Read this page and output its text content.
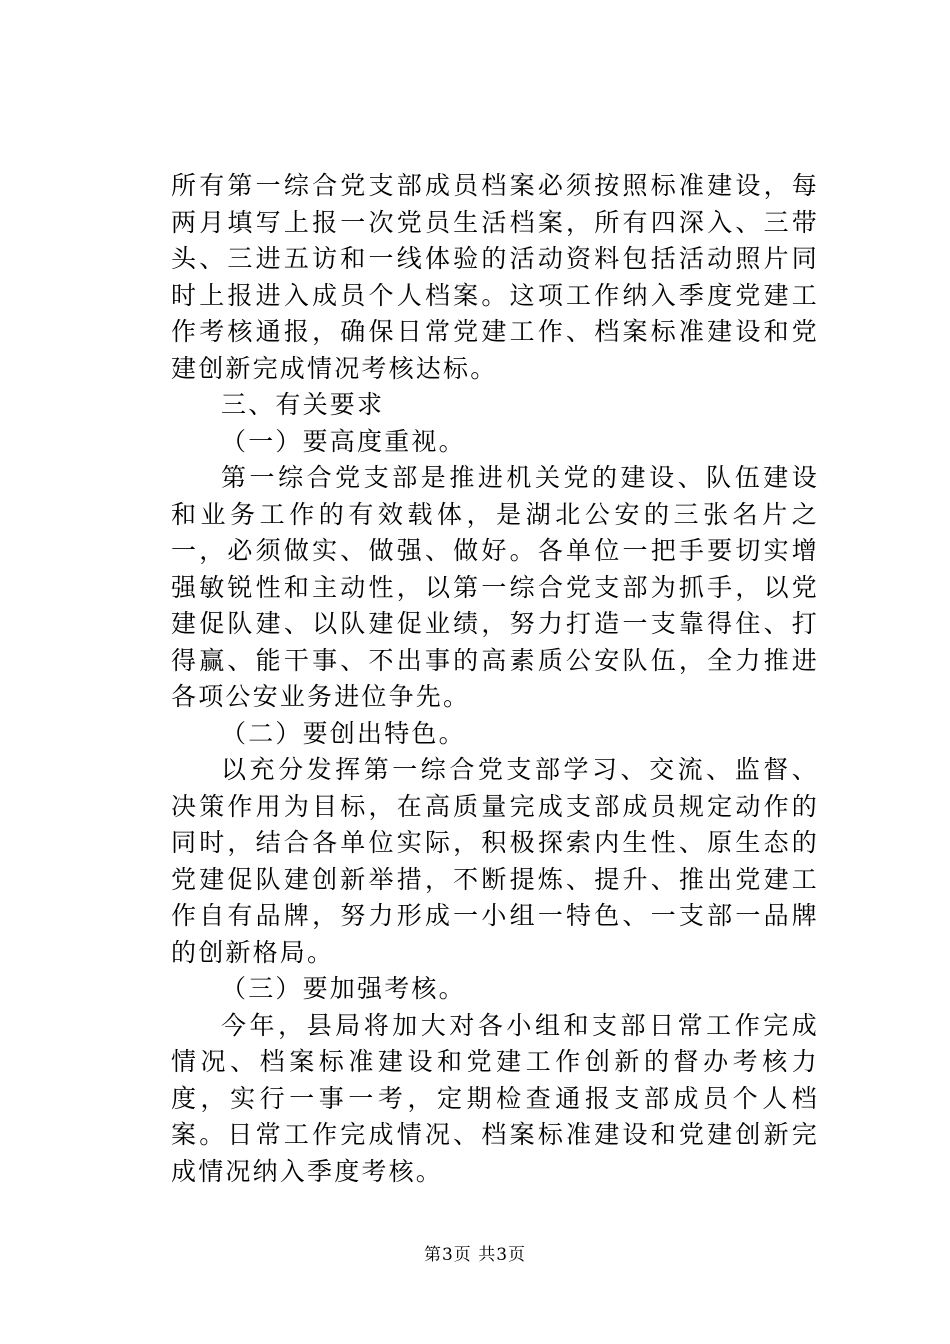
所有第一综合党支部成员档案必须按照标准建设，每两月填写上报一次党员生活档案，所有四深入、三带头、三进五访和一线体验的活动资料包括活动照片同时上报进入成员个人档案。这项工作纳入季度党建工作考核通报，确保日常党建工作、档案标准建设和党建创新完成情况考核达标。

三、有关要求

（一）要高度重视。

第一综合党支部是推进机关党的建设、队伍建设和业务工作的有效载体，是湖北公安的三张名片之一，必须做实、做强、做好。各单位一把手要切实增强敏锐性和主动性，以第一综合党支部为抓手，以党建促队建、以队建促业绩，努力打造一支靠得住、打得赢、能干事、不出事的高素质公安队伍，全力推进各项公安业务进位争先。

（二）要创出特色。

以充分发挥第一综合党支部学习、交流、监督、决策作用为目标，在高质量完成支部成员规定动作的同时，结合各单位实际，积极探索内生性、原生态的党建促队建创新举措，不断提炼、提升、推出党建工作自有品牌，努力形成一小组一特色、一支部一品牌的创新格局。

（三）要加强考核。

今年，县局将加大对各小组和支部日常工作完成情况、档案标准建设和党建工作创新的督办考核力度，实行一事一考，定期检查通报支部成员个人档案。日常工作完成情况、档案标准建设和党建创新完成情况纳入季度考核。

第3页 共3页
